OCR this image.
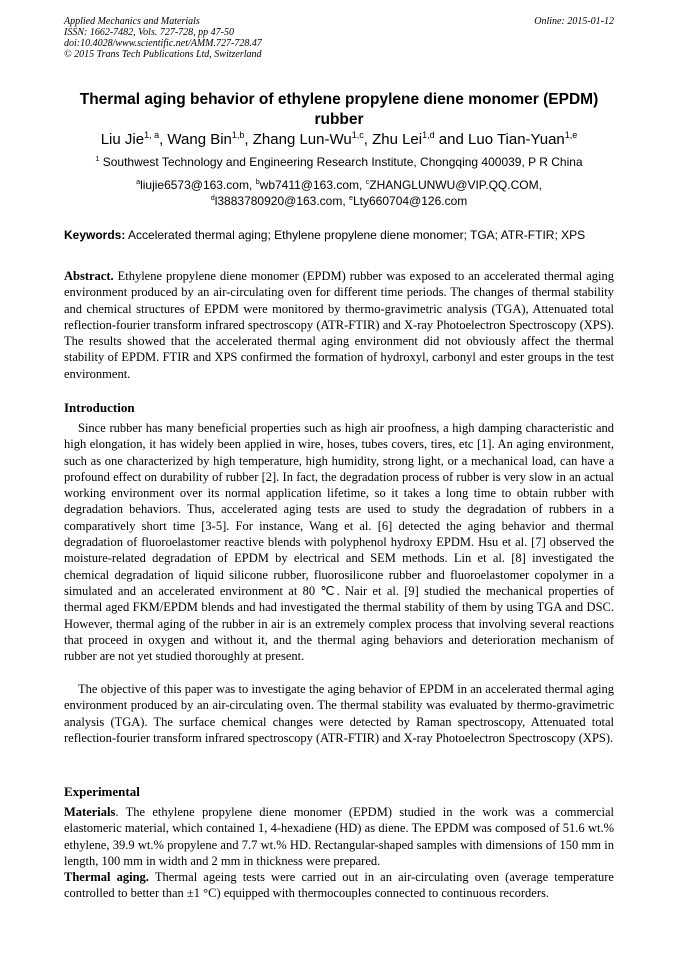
Applied Mechanics and Materials
ISSN: 1662-7482, Vols. 727-728, pp 47-50
doi:10.4028/www.scientific.net/AMM.727-728.47
© 2015 Trans Tech Publications Ltd, Switzerland
Online: 2015-01-12
Thermal aging behavior of ethylene propylene diene monomer (EPDM) rubber
Liu Jie$^{1, a}$, Wang Bin$^{1,b}$, Zhang Lun-Wu$^{1,c}$, Zhu Lei$^{1,d}$ and Luo Tian-Yuan$^{1,e}$
$^1$ Southwest Technology and Engineering Research Institute, Chongqing 400039, P R China
$^a$liujie6573@163.com, $^b$wb7411@163.com, $^c$ZHANGLUNWU@VIP.QQ.COM,
$^d$l3883780920@163.com, $^e$Lty660704@126.com
Keywords: Accelerated thermal aging; Ethylene propylene diene monomer; TGA; ATR-FTIR; XPS
Abstract. Ethylene propylene diene monomer (EPDM) rubber was exposed to an accelerated thermal aging environment produced by an air-circulating oven for different time periods. The changes of thermal stability and chemical structures of EPDM were monitored by thermo-gravimetric analysis (TGA), Attenuated total reflection-fourier transform infrared spectroscopy (ATR-FTIR) and X-ray Photoelectron Spectroscopy (XPS). The results showed that the accelerated thermal aging environment did not obviously affect the thermal stability of EPDM. FTIR and XPS confirmed the formation of hydroxyl, carbonyl and ester groups in the test environment.
Introduction
Since rubber has many beneficial properties such as high air proofness, a high damping characteristic and high elongation, it has widely been applied in wire, hoses, tubes covers, tires, etc [1]. An aging environment, such as one characterized by high temperature, high humidity, strong light, or a mechanical load, can have a profound effect on durability of rubber [2]. In fact, the degradation process of rubber is very slow in an actual working environment over its normal application lifetime, so it takes a long time to obtain rubber with degradation behaviors. Thus, accelerated aging tests are used to study the degradation of rubbers in a comparatively short time [3-5]. For instance, Wang et al. [6] detected the aging behavior and thermal degradation of fluoroelastomer reactive blends with polyphenol hydroxy EPDM. Hsu et al. [7] observed the moisture-related degradation of EPDM by electrical and SEM methods. Lin et al. [8] investigated the chemical degradation of liquid silicone rubber, fluorosilicone rubber and fluoroelastomer copolymer in a simulated and an accelerated environment at 80 ℃. Nair et al. [9] studied the mechanical properties of thermal aged FKM/EPDM blends and had investigated the thermal stability of them by using TGA and DSC. However, thermal aging of the rubber in air is an extremely complex process that involving several reactions that proceed in oxygen and without it, and the thermal aging behaviors and deterioration mechanism of rubber are not yet studied thoroughly at present.
The objective of this paper was to investigate the aging behavior of EPDM in an accelerated thermal aging environment produced by an air-circulating oven. The thermal stability was evaluated by thermo-gravimetric analysis (TGA). The surface chemical changes were detected by Raman spectroscopy, Attenuated total reflection-fourier transform infrared spectroscopy (ATR-FTIR) and X-ray Photoelectron Spectroscopy (XPS).
Experimental
Materials. The ethylene propylene diene monomer (EPDM) studied in the work was a commercial elastomeric material, which contained 1, 4-hexadiene (HD) as diene. The EPDM was composed of 51.6 wt.% ethylene, 39.9 wt.% propylene and 7.7 wt.% HD. Rectangular-shaped samples with dimensions of 150 mm in length, 100 mm in width and 2 mm in thickness were prepared.
Thermal aging. Thermal ageing tests were carried out in an air-circulating oven (average temperature controlled to better than ±1 °C) equipped with thermocouples connected to continuous recorders.
